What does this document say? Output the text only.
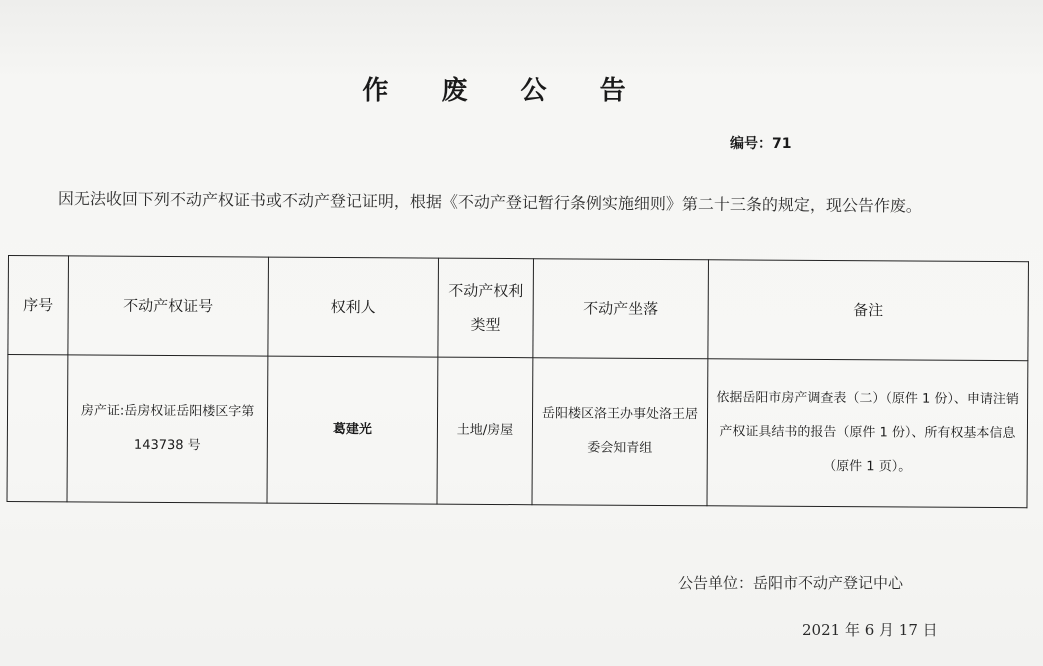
作 废 公 告
编号：71
因无法收回下列不动产权证书或不动产登记证明，根据《不动产登记暂行条例实施细则》第二十三条的规定，现公告作废。
序号	不动产权证号	权利人	不动产权利类型	不动产坐落	备注
	房产证:岳房权证岳阳楼区字第143738 号	葛建光	土地/房屋	岳阳楼区洛王办事处洛王居委会知青组	依据岳阳市房产调查表（二）（原件 1 份）、申请注销产权证具结书的报告（原件 1 份）、所有权基本信息（原件 1 页）。
公告单位：岳阳市不动产登记中心
2021 年 6 月 17 日
